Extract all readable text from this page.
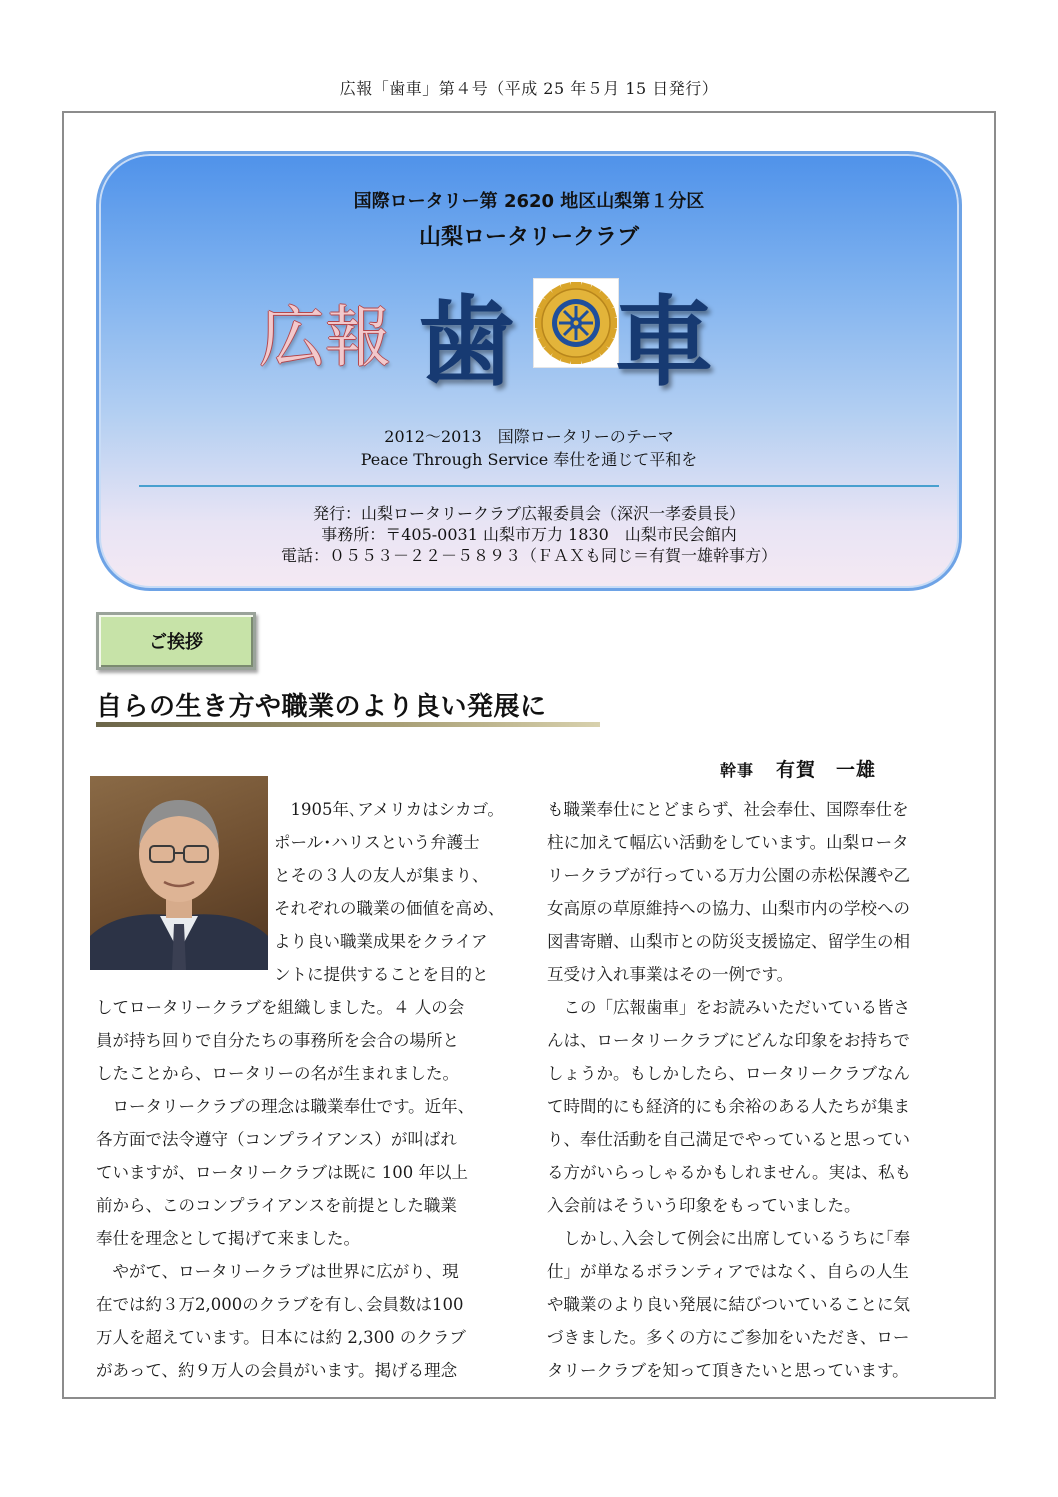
広報「歯車」第４号（平成 25 年５月 15 日発行）
国際ロータリー第 2620 地区山梨第１分区
山梨ロータリークラブ
広報 歯 車
2012～2013　国際ロータリーのテーマ
Peace Through Service 奉仕を通じて平和を
発行：山梨ロータリークラブ広報委員会（深沢一孝委員長）
事務所：〒405-0031 山梨市万力 1830　山梨市民会館内
電話：０５５３－２２－５８９３（ＦＡＸも同じ＝有賀一雄幹事方）
ご挨拶
自らの生き方や職業のより良い発展に
幹事 有賀　一雄
　1905年､アメリカはシカゴ。
ポール･ハリスという弁護士
とその３人の友人が集まり、
それぞれの職業の価値を高め、
より良い職業成果をクライア
ントに提供することを目的と
してロータリークラブを組織しました。４ 人の会
員が持ち回りで自分たちの事務所を会合の場所と
したことから、ロータリーの名が生まれました。
　ロータリークラブの理念は職業奉仕です。近年、
各方面で法令遵守（コンプライアンス）が叫ばれ
ていますが、ロータリークラブは既に 100 年以上
前から、このコンプライアンスを前提とした職業
奉仕を理念として掲げて来ました。
　やがて、ロータリークラブは世界に広がり、現
在では約３万2,000のクラブを有し､会員数は100
万人を超えています。日本には約 2,300 のクラブ
があって、約９万人の会員がいます。掲げる理念
も職業奉仕にとどまらず、社会奉仕、国際奉仕を
柱に加えて幅広い活動をしています。山梨ロータ
リークラブが行っている万力公園の赤松保護や乙
女高原の草原維持への協力、山梨市内の学校への
図書寄贈、山梨市との防災支援協定、留学生の相
互受け入れ事業はその一例です。
　この「広報歯車」をお読みいただいている皆さ
んは、ロータリークラブにどんな印象をお持ちで
しょうか。もしかしたら、ロータリークラブなん
て時間的にも経済的にも余裕のある人たちが集ま
り、奉仕活動を自己満足でやっていると思ってい
る方がいらっしゃるかもしれません。実は、私も
入会前はそういう印象をもっていました。
　しかし､入会して例会に出席しているうちに｢奉
仕」が単なるボランティアではなく、自らの人生
や職業のより良い発展に結びついていることに気
づきました。多くの方にご参加をいただき、ロー
タリークラブを知って頂きたいと思っています。
